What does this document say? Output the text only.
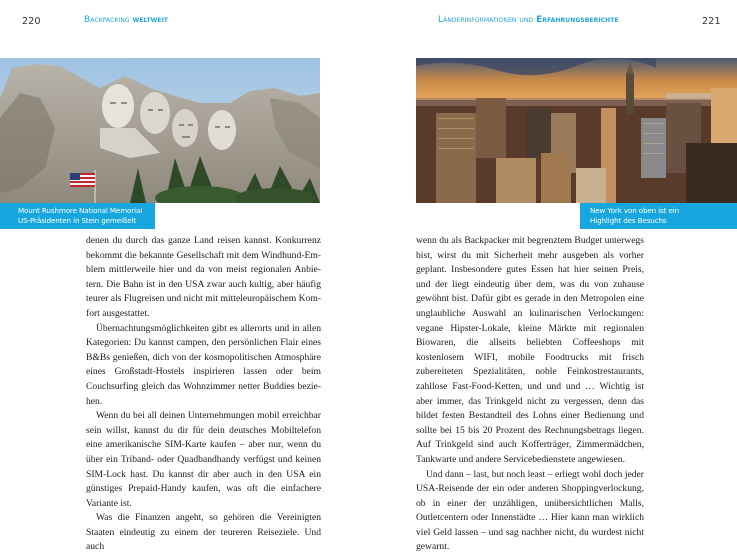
220	Backpacking weltweit
Mount Rushmore National Memorial
US-Präsidenten in Stein gemeißelt

denen du durch das ganze Land reisen kannst. Konkurrenz bekommt die bekannte Gesellschaft mit dem Windhund-Emblem mittlerweile hier und da von meist regionalen Anbietern. Die Bahn ist in den USA zwar auch kultig, aber häufig teurer als Flugreisen und nicht mit mitteleuropäischem Komfort ausgestattet.

Übernachtungsmöglichkeiten gibt es allerorts und in allen Kategorien: Du kannst campen, den persönlichen Flair eines B&Bs genießen, dich von der kosmopolitischen Atmosphäre eines Großstadt-Hostels inspirieren lassen oder beim Couchsurfing gleich das Wohnzimmer netter Buddies beziehen.

Wenn du bei all deinen Unternehmungen mobil erreichbar sein willst, kannst du dir für dein deutsches Mobiltelefon eine amerikanische SIM-Karte kaufen – aber nur, wenn du über ein Triband- oder Quadbandhandy verfügst und keinen SIM-Lock hast. Du kannst dir aber auch in den USA ein günstiges Prepaid-Handy kaufen, was oft die einfachere Variante ist.

Was die Finanzen angeht, so gehören die Vereinigten Staaten eindeutig zu einem der teureren Reiseziele. Und auch

Länderinformationen und Erfahrungsberichte	221
New York von oben ist ein
Highlight des Besuchs

wenn du als Backpacker mit begrenztem Budget unterwegs bist, wirst du mit Sicherheit mehr ausgeben als vorher geplant. Insbesondere gutes Essen hat hier seinen Preis, und der liegt eindeutig über dem, was du von zuhause gewöhnt bist. Dafür gibt es gerade in den Metropolen eine unglaubliche Auswahl an kulinarischen Verlockungen: vegane Hipster-Lokale, kleine Märkte mit regionalen Biowaren, die allseits beliebten Coffeeshops mit kostenlosem WIFI, mobile Foodtrucks mit frisch zubereiteten Spezialitäten, noble Feinkostrestaurants, zahllose Fast-Food-Ketten, und und und … Wichtig ist aber immer, das Trinkgeld nicht zu vergessen, denn das bildet festen Bestandteil des Lohns einer Bedienung und sollte bei 15 bis 20 Prozent des Rechnungsbetrags liegen. Auf Trinkgeld sind auch Kofferträger, Zimmermädchen, Tankwarte und andere Servicebedienstete angewiesen.

Und dann – last, but noch least – erliegt wohl doch jeder USA-Reisende der ein oder anderen Shoppingverlockung, ob in einer der unzähligen, unübersichtlichen Malls, Outletcentern oder Innenstädte … Hier kann man wirklich viel Geld lassen – und sag nachher nicht, du wurdest nicht gewarnt.
